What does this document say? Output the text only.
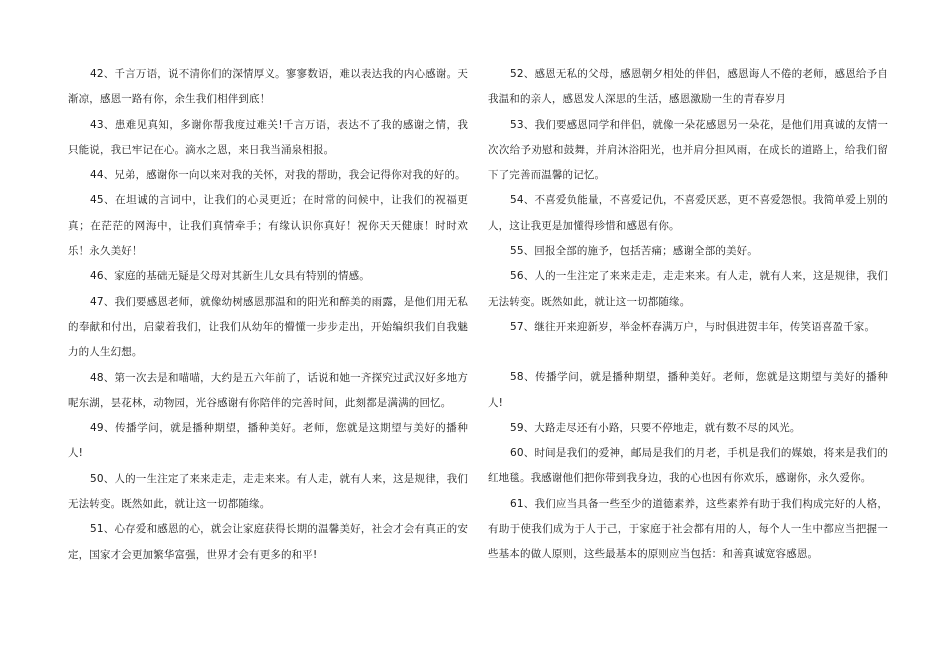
42、千言万语，说不清你们的深情厚义。寥寥数语，难以表达我的内心感谢。天渐凉，感恩一路有你，余生我们相伴到底！

43、患难见真知，多谢你帮我度过难关!千言万语，表达不了我的感谢之情，我只能说，我已牢记在心。滴水之恩，来日我当涌泉相报。

44、兄弟，感谢你一向以来对我的关怀，对我的帮助，我会记得你对我的好的。

45、在坦诚的言词中，让我们的心灵更近；在时常的问候中，让我们的祝福更真；在茫茫的网海中，让我们真情牵手；有缘认识你真好！祝你天天健康！时时欢乐！永久美好！

46、家庭的基础无疑是父母对其新生儿女具有特别的情感。

47、我们要感恩老师，就像幼树感恩那温和的阳光和醉美的雨露，是他们用无私的奉献和付出，启蒙着我们，让我们从幼年的懵懂一步步走出，开始编织我们自我魅力的人生幻想。

48、第一次去是和喵喵，大约是五六年前了，话说和她一齐探究过武汉好多地方呢东湖，昙花林，动物园，光谷感谢有你陪伴的完善时间，此刻都是满满的回忆。

49、传播学问，就是播种期望，播种美好。老师，您就是这期望与美好的播种人!

50、人的一生注定了来来走走，走走来来。有人走，就有人来，这是规律，我们无法转变。既然如此，就让这一切都随缘。

51、心存爱和感恩的心，就会让家庭获得长期的温馨美好，社会才会有真正的安定，国家才会更加繁华富强，世界才会有更多的和平!

52、感恩无私的父母，感恩朝夕相处的伴侣，感恩诲人不倦的老师，感恩给予自我温和的亲人，感恩发人深思的生活，感恩激励一生的青春岁月

53、我们要感恩同学和伴侣，就像一朵花感恩另一朵花，是他们用真诚的友情一次次给予劝慰和鼓舞，并肩沐浴阳光，也并肩分担风雨，在成长的道路上，给我们留下了完善而温馨的记忆。

54、不喜爱负能量，不喜爱记仇，不喜爱厌恶，更不喜爱怨恨。我简单爱上别的人，这让我更是加懂得珍惜和感恩有你。

55、回报全部的施予，包括苦痛；感谢全部的美好。

56、人的一生注定了来来走走，走走来来。有人走，就有人来，这是规律，我们无法转变。既然如此，就让这一切都随缘。

57、继往开来迎新岁，举金杯春满万户，与时俱进贺丰年，传笑语喜盈千家。

58、传播学问，就是播种期望，播种美好。老师，您就是这期望与美好的播种人!

59、大路走尽还有小路，只要不停地走，就有数不尽的风光。

60、时间是我们的爱神，邮局是我们的月老，手机是我们的媒娘，将来是我们的红地毯。我感谢他们把你带到我身边，我的心也因有你欢乐，感谢你，永久爱你。

61、我们应当具备一些至少的道德素养，这些素养有助于我们构成完好的人格，有助于使我们成为于人于己，于家庭于社会都有用的人，每个人一生中都应当把握一些基本的做人原则，这些最基本的原则应当包括：和善真诚宽容感恩。
